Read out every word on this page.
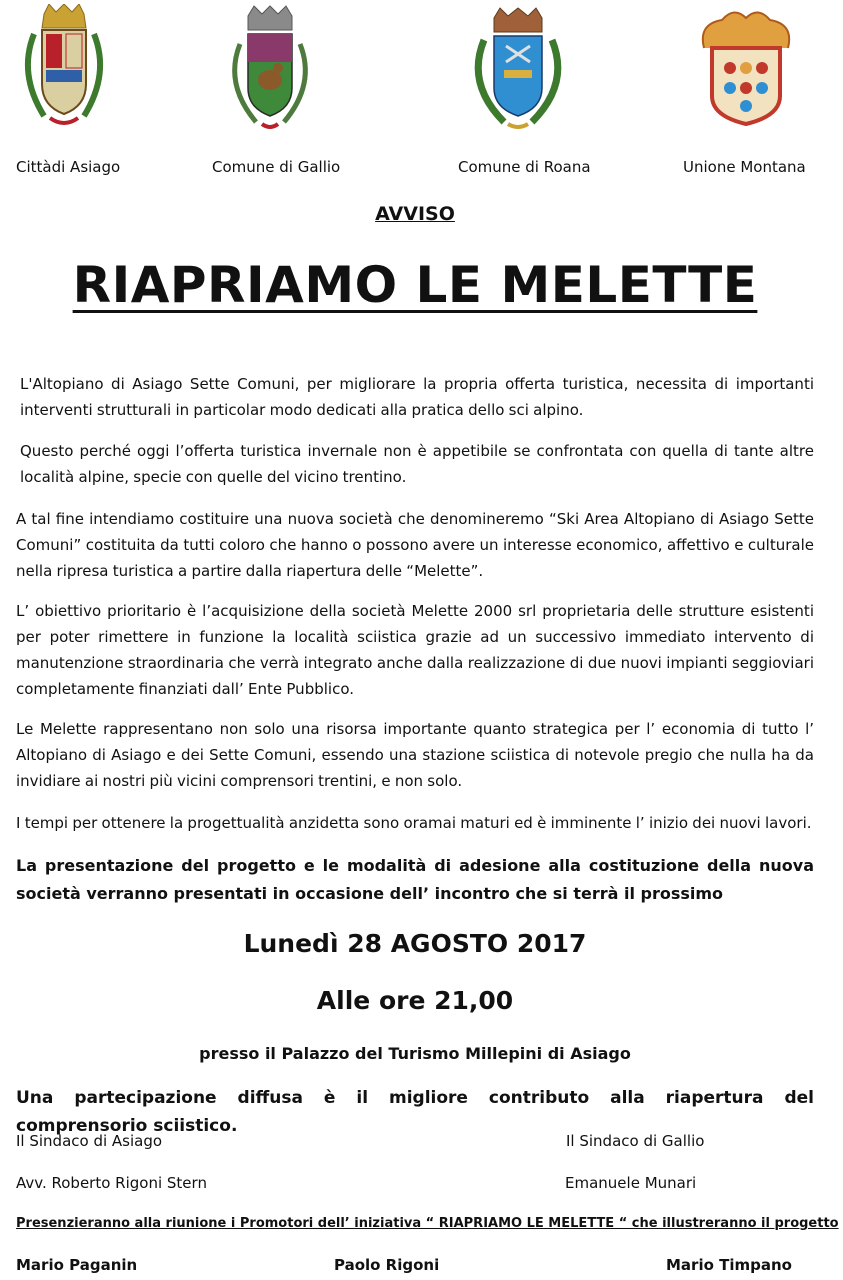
Cittàdi Asiago	Comune di Gallio	Comune di Roana	Unione Montana
AVVISO
RIAPRIAMO LE MELETTE

L'Altopiano di Asiago Sette Comuni, per migliorare la propria offerta turistica, necessita di importanti interventi strutturali in particolar modo dedicati alla pratica dello sci alpino.

Questo perché oggi l’offerta turistica invernale non è appetibile se confrontata con quella di tante altre località alpine, specie con quelle del vicino trentino.

A tal fine intendiamo costituire una nuova società che denomineremo “Ski Area Altopiano di Asiago Sette Comuni” costituita da tutti coloro che hanno o possono avere un interesse economico, affettivo e culturale nella ripresa turistica a partire dalla riapertura delle “Melette”.

L’ obiettivo prioritario è l’acquisizione della società Melette 2000 srl proprietaria delle strutture esistenti per poter rimettere in funzione la località sciistica grazie ad un successivo immediato intervento di manutenzione straordinaria che verrà integrato anche dalla realizzazione di due nuovi impianti seggioviari completamente finanziati dall’ Ente Pubblico.

Le Melette rappresentano non solo una risorsa importante quanto strategica per l’ economia di tutto l’ Altopiano di Asiago e dei Sette Comuni, essendo una stazione sciistica di notevole pregio che nulla ha da invidiare ai nostri più vicini comprensori trentini, e non solo.

I tempi per ottenere la progettualità anzidetta sono oramai maturi ed è imminente l’ inizio dei nuovi lavori.

La presentazione del progetto e le modalità di adesione alla costituzione della nuova società verranno presentati in occasione dell’ incontro che si terrà il prossimo

Lunedì 28 AGOSTO 2017
Alle ore 21,00
presso il Palazzo del Turismo Millepini di Asiago
Una partecipazione diffusa è il migliore contributo alla riapertura del comprensorio sciistico.
Il Sindaco di Asiago	Il Sindaco di Gallio
Avv. Roberto Rigoni Stern	Emanuele Munari
Presenzieranno alla riunione i Promotori dell’ iniziativa “ RIAPRIAMO LE MELETTE “ che illustreranno il progetto
Mario Paganin	Paolo Rigoni	Mario Timpano
